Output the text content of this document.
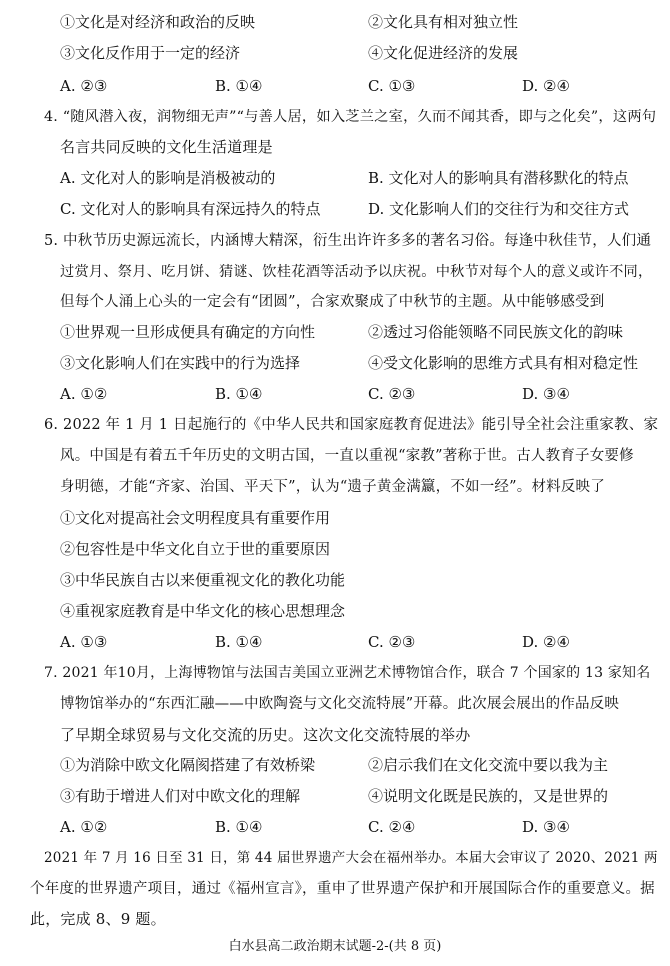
①文化是对经济和政治的反映	②文化具有相对独立性
③文化反作用于一定的经济	④文化促进经济的发展
A. ②③	B. ①④	C. ①③	D. ②④
4. “随风潜入夜，润物细无声”“与善人居，如入芝兰之室，久而不闻其香，即与之化矣”，这两句
名言共同反映的文化生活道理是
A. 文化对人的影响是消极被动的	B. 文化对人的影响具有潜移默化的特点
C. 文化对人的影响具有深远持久的特点	D. 文化影响人们的交往行为和交往方式
5. 中秋节历史源远流长，内涵博大精深，衍生出许许多多的著名习俗。每逢中秋佳节，人们通
过赏月、祭月、吃月饼、猜谜、饮桂花酒等活动予以庆祝。中秋节对每个人的意义或许不同，
但每个人涌上心头的一定会有“团圆”，合家欢聚成了中秋节的主题。从中能够感受到
①世界观一旦形成便具有确定的方向性	②透过习俗能领略不同民族文化的韵味
③文化影响人们在实践中的行为选择	④受文化影响的思维方式具有相对稳定性
A. ①②	B. ①④	C. ②③	D. ③④
6. 2022 年 1 月 1 日起施行的《中华人民共和国家庭教育促进法》能引导全社会注重家教、家
风。中国是有着五千年历史的文明古国，一直以重视“家教”著称于世。古人教育子女要修
身明德，才能“齐家、治国、平天下”，认为“遗子黄金满籝，不如一经”。材料反映了
①文化对提高社会文明程度具有重要作用
②包容性是中华文化自立于世的重要原因
③中华民族自古以来便重视文化的教化功能
④重视家庭教育是中华文化的核心思想理念
A. ①③	B. ①④	C. ②③	D. ②④
7. 2021 年10月，上海博物馆与法国吉美国立亚洲艺术博物馆合作，联合 7 个国家的 13 家知名
博物馆举办的“东西汇融——中欧陶瓷与文化交流特展”开幕。此次展会展出的作品反映
了早期全球贸易与文化交流的历史。这次文化交流特展的举办
①为消除中欧文化隔阂搭建了有效桥梁	②启示我们在文化交流中要以我为主
③有助于增进人们对中欧文化的理解	④说明文化既是民族的，又是世界的
A. ①②	B. ①④	C. ②④	D. ③④
2021 年 7 月 16 日至 31 日，第 44 届世界遗产大会在福州举办。本届大会审议了 2020、2021 两
个年度的世界遗产项目，通过《福州宣言》，重申了世界遗产保护和开展国际合作的重要意义。据
此，完成 8、9 题。
白水县高二政治期末试题-2-(共 8 页)
